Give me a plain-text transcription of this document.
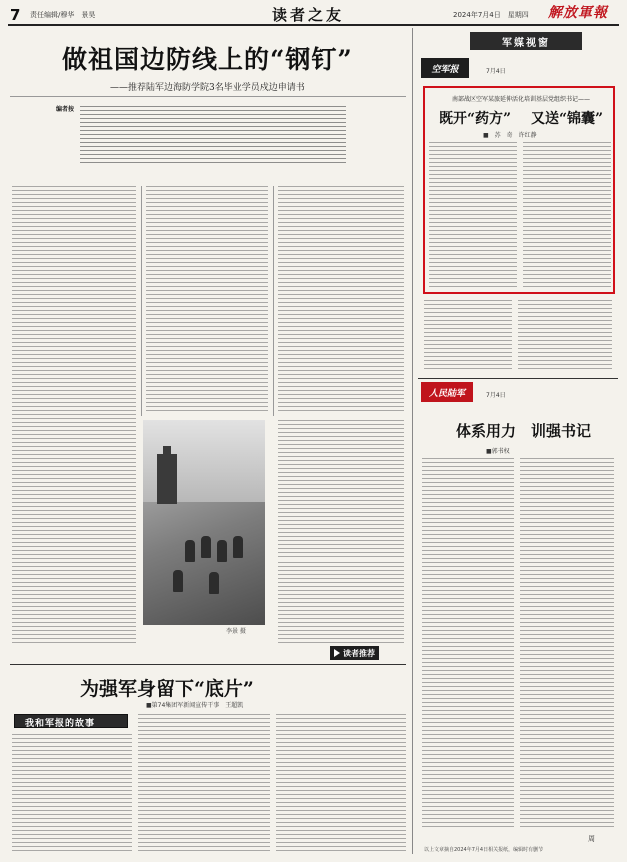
7 责任编辑/穆华　景昊	读者之友	2024年7月4日　星期四 解放軍報
做祖国边防线上的“钢钉”
——推荐陆军边海防学院3名毕业学员戍边申请书
编者按
李景 摄
读者推荐
为强军身留下“底片”
■第74集团军新闻宣传干事　王超凯
我和军报的故事
军媒视窗
空军报	7月4日
南部战区空军某旅延伸活化培训基层党组织书记——
既开“药方” 又送“锦囊”
■　苏　奇　许红静
人民陆军	7月4日
体系用力　训强书记
■郭书权
周
以上文章摘自2024年7月4日相关报纸，编辑时有删节
